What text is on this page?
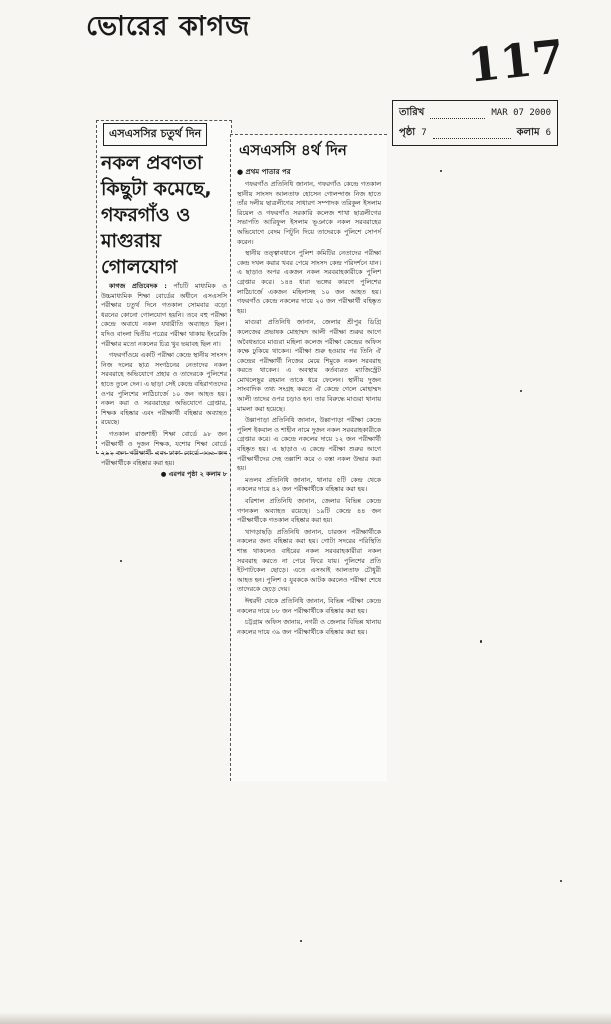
ভোরের কাগজ
117
তারিখ	MAR 07 2000
পৃষ্ঠা 7	কলাম 6
এসএসসির চতুর্থ দিন
নকল প্রবণতা কিছুটা কমেছে, গফরগাঁও ও মাগুরায় গোলযোগ

কাগজ প্রতিবেদক : পাঁচটি মাধ্যমিক ও উচ্চমাধ্যমিক শিক্ষা বোর্ডের অধীনে এসএসসি পরীক্ষার চতুর্থ দিনে গতকাল সোমবার বড়ো ধরনের কোনো গোলযোগ হয়নি। তবে বহু পরীক্ষা কেন্দ্রে অবাধে নকল যথারীতি অব্যাহত ছিল। যদিও বাংলা দ্বিতীয় পত্রের পরীক্ষা থাকায় ইংরেজি পরীক্ষার মতো নকলের চিত্র খুব ভয়াবহ ছিল না।

গফরগাঁওয়ে একটি পরীক্ষা কেন্দ্রে স্থানীয় সাংসদ নিজ দলের ছাত্র সংগঠনের নেতাদের নকল সরবরাহে অভিযোগে প্রহার ও তাদেরকে পুলিশের হাতে তুলে দেন। এ ছাড়া সেই কেন্দ্রে বহিরাগতদের ওপর পুলিশের লাঠিচার্জে ১০ জন আহত হয়। নকল করা ও সরবরাহের অভিযোগে গ্রেপ্তার, শিক্ষক বহিষ্কার এবং পরীক্ষার্থী বহিষ্কার অব্যাহত রয়েছে।

গতকাল রাজশাহী শিক্ষা বোর্ডে ৯৮ জন পরীক্ষার্থী ও দুজন শিক্ষক, যশোর শিক্ষা বোর্ডে ২৯২ জন পরীক্ষার্থী এবং ঢাকা বোর্ডে ৩৬৬ জন পরীক্ষার্থীকে বহিষ্কার করা হয়।

● এরপর পৃষ্ঠা ২ কলাম ৮

এসএসসি ৪র্থ দিন
● প্রথম পাতার পর

গফরগাঁও প্রতিনিধি জানান, গফরগাঁও কেন্দ্রে গতকাল স্থানীয় সাংসদ আলতাফ হোসেন গোলন্দাজ নিজ হাতে তাঁর দলীয় ছাত্রলীগের সাধারণ সম্পাদক তরিকুল ইসলাম রিয়েল ও গফরগাঁও সরকারি কলেজ শাখা ছাত্রলীগের সভাপতি আরিফুল ইসলাম ভূঞাকে নকল সরবরাহের অভিযোগে বেদম পিটুনি দিয়ে তাদেরকে পুলিশে সোপর্দ করেন।

স্থানীয় তত্ত্বাবধানে পুলিশ কমিটির নেতাদের পরীক্ষা কেন্দ্র দখল করার খবর পেয়ে সাংসদ কেন্দ্র পরিদর্শনে যান। এ ছাড়াও অপর একজন নকল সরবরাহকারীকে পুলিশ গ্রেপ্তার করে। ১৪৪ ধারা ভঙ্গের কারণে পুলিশের লাঠিচার্জে একজন মহিলাসহ ১০ জন আহত হয়। গফরগাঁও কেন্দ্রে নকলের দায়ে ২০ জন পরীক্ষার্থী বহিষ্কৃত হয়।

মাগুরা প্রতিনিধি জানান, জেলার শ্রীপুর ডিগ্রি কলেজের প্রভাষক মোহাম্মদ আলী পরীক্ষা শুরুর আগে অবৈধভাবে মাগুরা মহিলা কলেজ পরীক্ষা কেন্দ্রের অফিস কক্ষে ঢুকিয়ে থাকেন। পরীক্ষা শুরু হওয়ার পর তিনি ঐ কেন্দ্রের পরীক্ষার্থী নিজের মেয়ে শিমুকে নকল সরবরাহ করতে থাকেন। এ অবস্থায় কর্তব্যরত ম্যাজিস্ট্রেট মোখলেছুর রহমান তাকে ধরে ফেলেন। স্থানীয় দুজন সাংবাদিক তথ্য সংগ্রহ করতে ঐ কেন্দ্রে গেলে মোহাম্মদ আলী তাদের ওপর চড়াও হন। তার বিরুদ্ধে মাগুরা থানায় মামলা করা হয়েছে।

উল্লাপাড়া প্রতিনিধি জানান, উল্লাপাড়া পরীক্ষা কেন্দ্রে পুলিশ ইকবাল ও শাহীন নামে দুজন নকল সরবরাহকারীকে গ্রেপ্তার করে। এ কেন্দ্রে নকলের দায়ে ১২ জন পরীক্ষার্থী বহিষ্কৃত হয়। এ ছাড়াও এ কেন্দ্রে পরীক্ষা শুরুর আগে পরীক্ষার্থীদের দেহ তল্লাশি করে ৩ বস্তা নকল উদ্ধার করা হয়।

মতলব প্রতিনিধি জানান, থানার ৫টি কেন্দ্র থেকে নকলের দায়ে ৪২ জন পরীক্ষার্থীকে বহিষ্কার করা হয়।

বরিশাল প্রতিনিধি জানান, জেলার বিভিন্ন কেন্দ্রে গণনকল অব্যাহত রয়েছে। ১৯টি কেন্দ্রে ৪৪ জন পরীক্ষার্থীকে গতকাল বহিষ্কার করা হয়।

খাগড়াছড়ি প্রতিনিধি জানান, চারজন পরীক্ষার্থীকে নকলের জন্য বহিষ্কার করা হয়। গোটা সদরের পরিস্থিতি শান্ত থাকলেও বাইরের নকল সরবরাহকারীরা নকল সরবরাহ করতে না পেরে ফিরে যায়। পুলিশের প্রতি ইটপাটকেল ছোড়ে। এতে এসআই আলতাফ চৌধুরী আহত হন। পুলিশ ৫ যুবককে আটক করলেও পরীক্ষা শেষে তাদেরকে ছেড়ে দেয়।

ঈশ্বরদী থেকে প্রতিনিধি জানান, বিভিন্ন পরীক্ষা কেন্দ্রে নকলের দায়ে ৮৮ জন পরীক্ষার্থীকে বহিষ্কার করা হয়।

চট্টগ্রাম অফিস জানায়, নগরী ও জেলার বিভিন্ন থানায় নকলের দায়ে ৩৯ জন পরীক্ষার্থীকে বহিষ্কার করা হয়।
